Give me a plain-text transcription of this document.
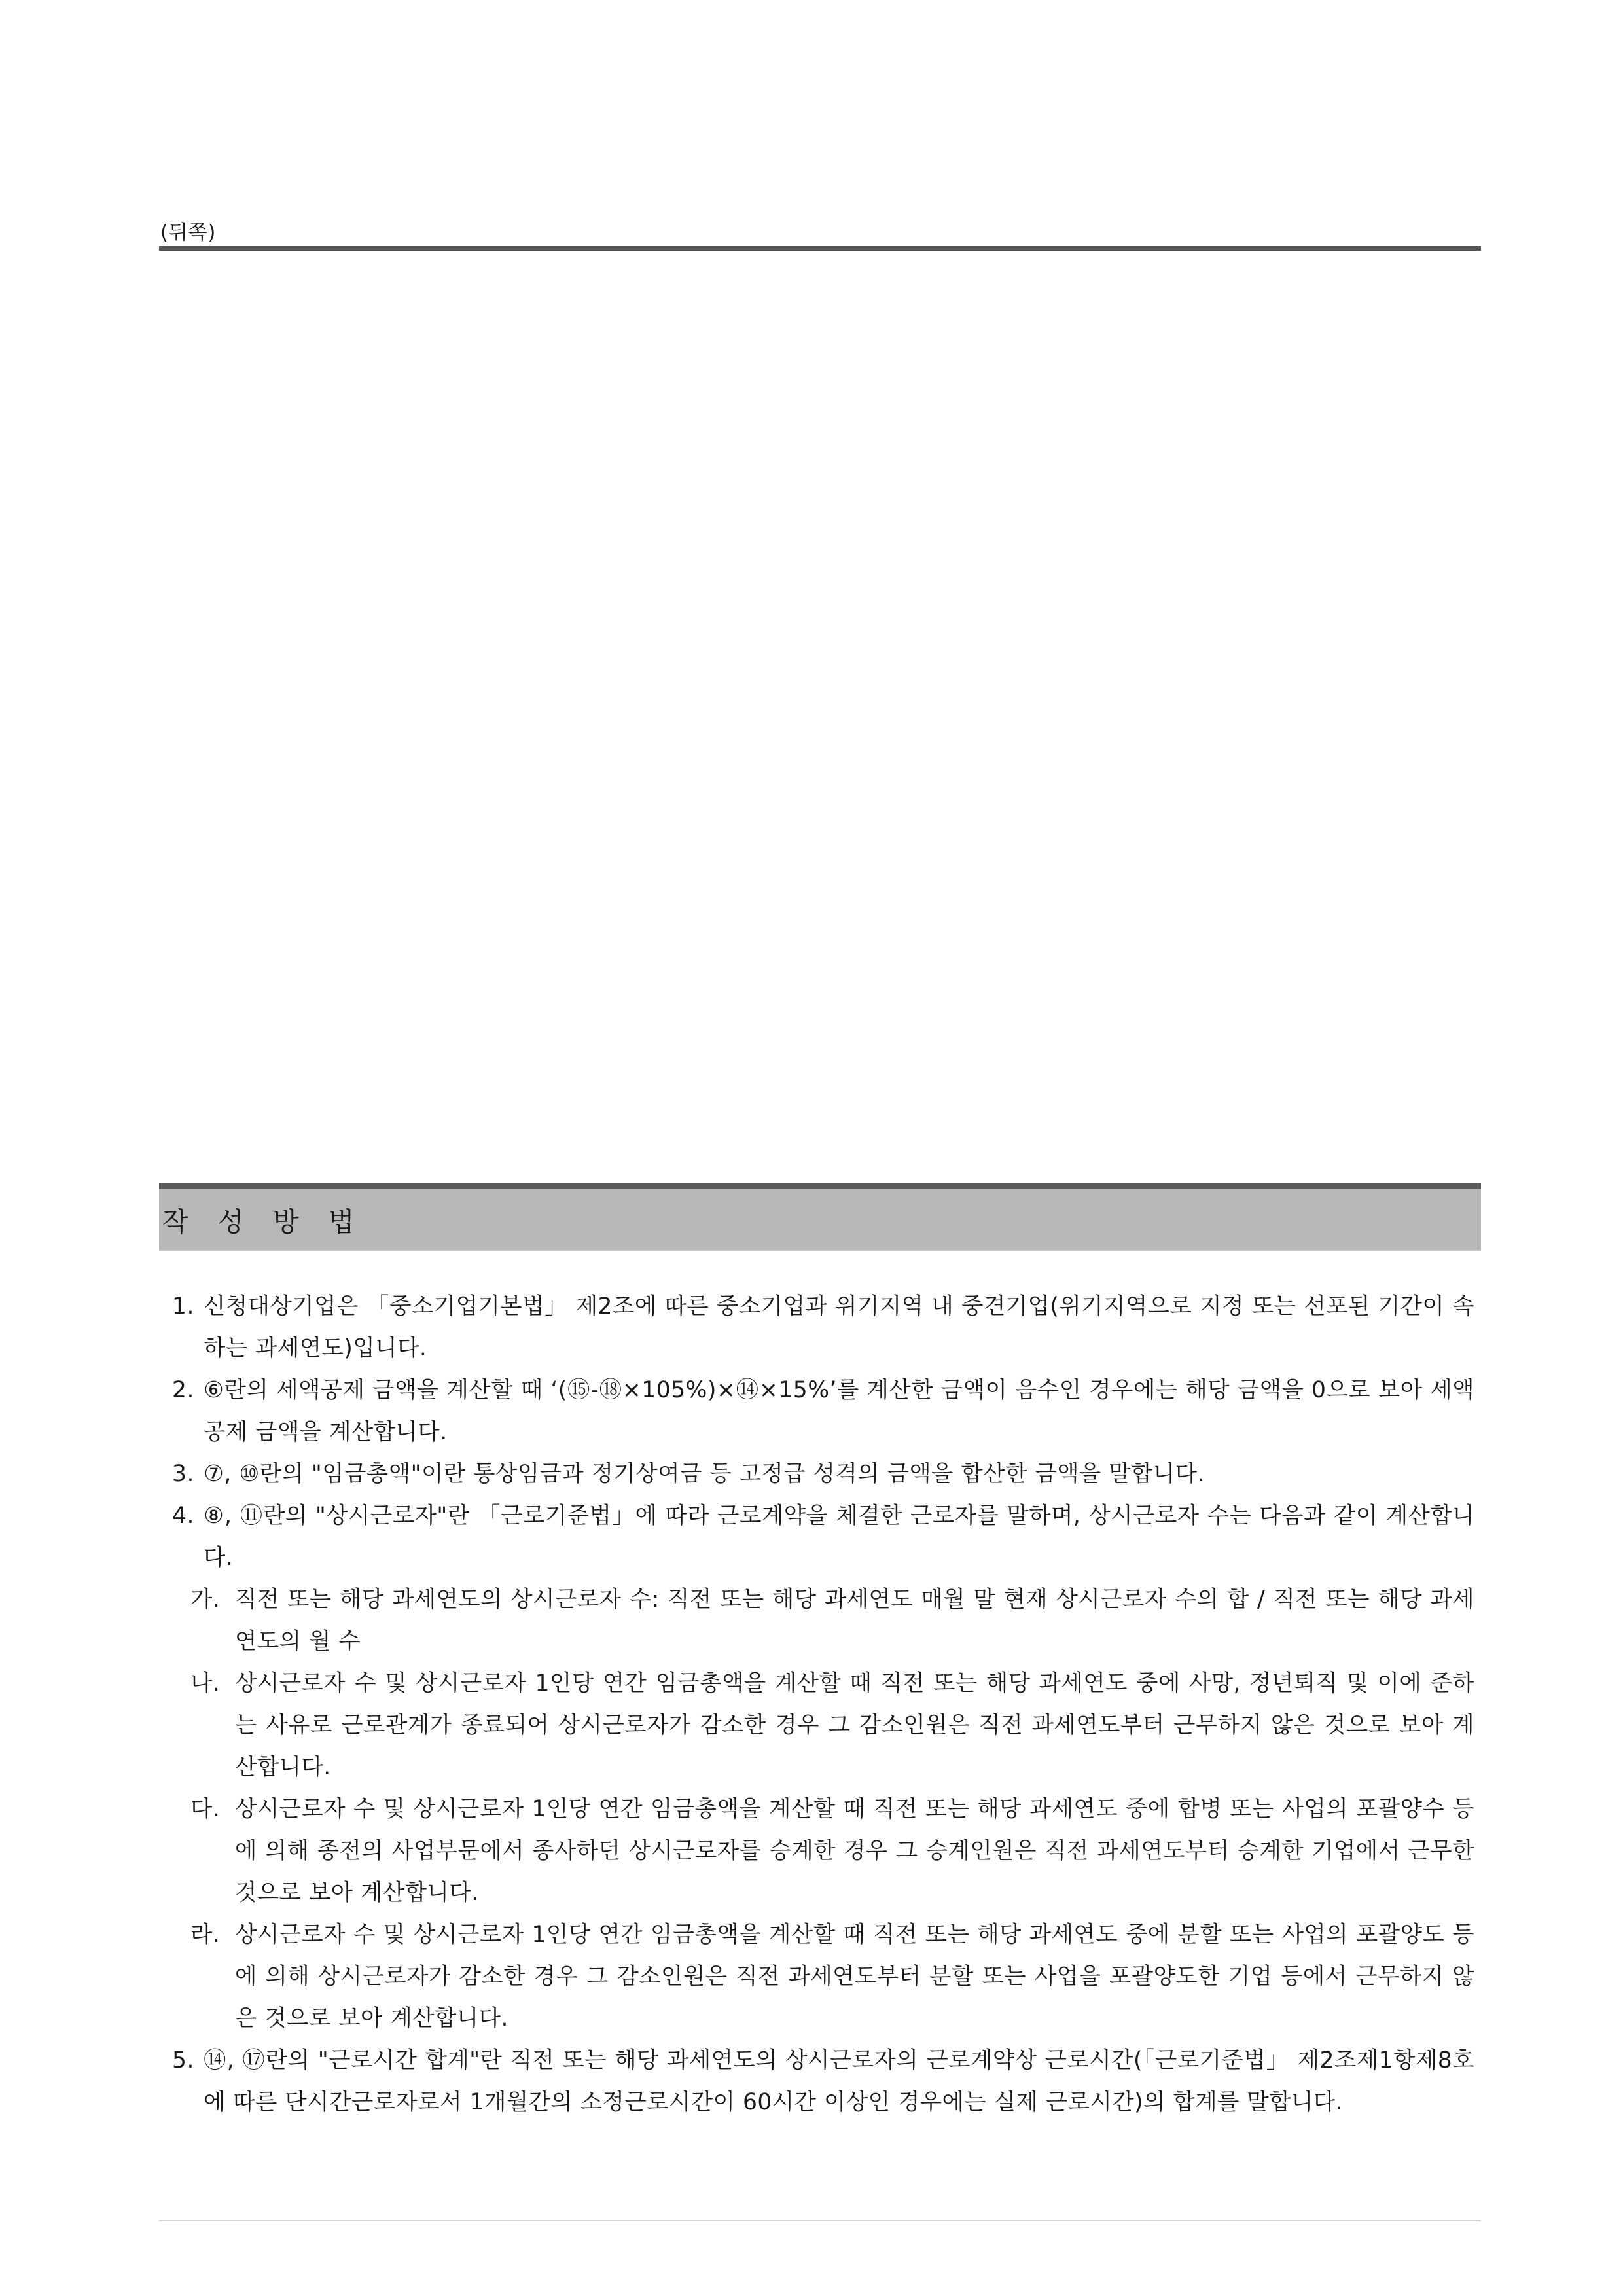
(뒤쪽)
작 성 방 법
1. 신청대상기업은 「중소기업기본법」 제2조에 따른 중소기업과 위기지역 내 중견기업(위기지역으로 지정 또는 선포된 기간이 속하는 과세연도)입니다.
2. ⑥란의 세액공제 금액을 계산할 때 ‘(⑮-⑱×105%)×⑭×15%’를 계산한 금액이 음수인 경우에는 해당 금액을 0으로 보아 세액공제 금액을 계산합니다.
3. ⑦, ⑩란의 "임금총액"이란 통상임금과 정기상여금 등 고정급 성격의 금액을 합산한 금액을 말합니다.
4. ⑧, ⑪란의 "상시근로자"란 「근로기준법」에 따라 근로계약을 체결한 근로자를 말하며, 상시근로자 수는 다음과 같이 계산합니다.
가. 직전 또는 해당 과세연도의 상시근로자 수: 직전 또는 해당 과세연도 매월 말 현재 상시근로자 수의 합 / 직전 또는 해당 과세연도의 월 수
나. 상시근로자 수 및 상시근로자 1인당 연간 임금총액을 계산할 때 직전 또는 해당 과세연도 중에 사망, 정년퇴직 및 이에 준하는 사유로 근로관계가 종료되어 상시근로자가 감소한 경우 그 감소인원은 직전 과세연도부터 근무하지 않은 것으로 보아 계산합니다.
다. 상시근로자 수 및 상시근로자 1인당 연간 임금총액을 계산할 때 직전 또는 해당 과세연도 중에 합병 또는 사업의 포괄양수 등에 의해 종전의 사업부문에서 종사하던 상시근로자를 승계한 경우 그 승계인원은 직전 과세연도부터 승계한 기업에서 근무한 것으로 보아 계산합니다.
라. 상시근로자 수 및 상시근로자 1인당 연간 임금총액을 계산할 때 직전 또는 해당 과세연도 중에 분할 또는 사업의 포괄양도 등에 의해 상시근로자가 감소한 경우 그 감소인원은 직전 과세연도부터 분할 또는 사업을 포괄양도한 기업 등에서 근무하지 않은 것으로 보아 계산합니다.
5. ⑭, ⑰란의 "근로시간 합계"란 직전 또는 해당 과세연도의 상시근로자의 근로계약상 근로시간(「근로기준법」 제2조제1항제8호에 따른 단시간근로자로서 1개월간의 소정근로시간이 60시간 이상인 경우에는 실제 근로시간)의 합계를 말합니다.
